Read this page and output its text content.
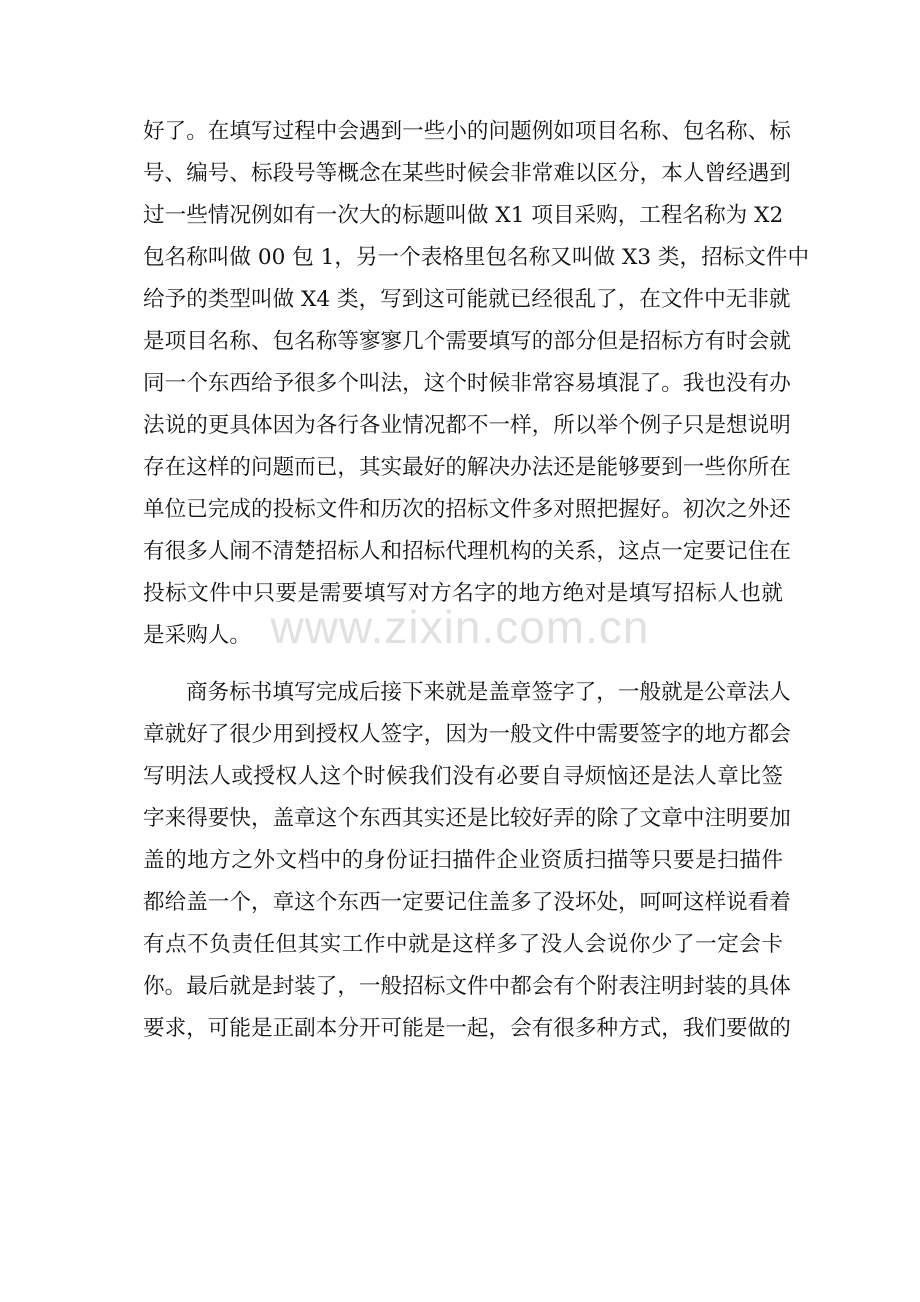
好了。在填写过程中会遇到一些小的问题例如项目名称、包名称、标
号、编号、标段号等概念在某些时候会非常难以区分，本人曾经遇到
过一些情况例如有一次大的标题叫做 X1 项目采购，工程名称为 X2
包名称叫做 00 包 1，另一个表格里包名称又叫做 X3 类，招标文件中
给予的类型叫做 X4 类，写到这可能就已经很乱了，在文件中无非就
是项目名称、包名称等寥寥几个需要填写的部分但是招标方有时会就
同一个东西给予很多个叫法，这个时候非常容易填混了。我也没有办
法说的更具体因为各行各业情况都不一样，所以举个例子只是想说明
存在这样的问题而已，其实最好的解决办法还是能够要到一些你所在
单位已完成的投标文件和历次的招标文件多对照把握好。初次之外还
有很多人闹不清楚招标人和招标代理机构的关系，这点一定要记住在
投标文件中只要是需要填写对方名字的地方绝对是填写招标人也就
是采购人。
商务标书填写完成后接下来就是盖章签字了，一般就是公章法人
章就好了很少用到授权人签字，因为一般文件中需要签字的地方都会
写明法人或授权人这个时候我们没有必要自寻烦恼还是法人章比签
字来得要快，盖章这个东西其实还是比较好弄的除了文章中注明要加
盖的地方之外文档中的身份证扫描件企业资质扫描等只要是扫描件
都给盖一个，章这个东西一定要记住盖多了没坏处，呵呵这样说看着
有点不负责任但其实工作中就是这样多了没人会说你少了一定会卡
你。最后就是封装了，一般招标文件中都会有个附表注明封装的具体
要求，可能是正副本分开可能是一起，会有很多种方式，我们要做的
www.zixin.com.cn
